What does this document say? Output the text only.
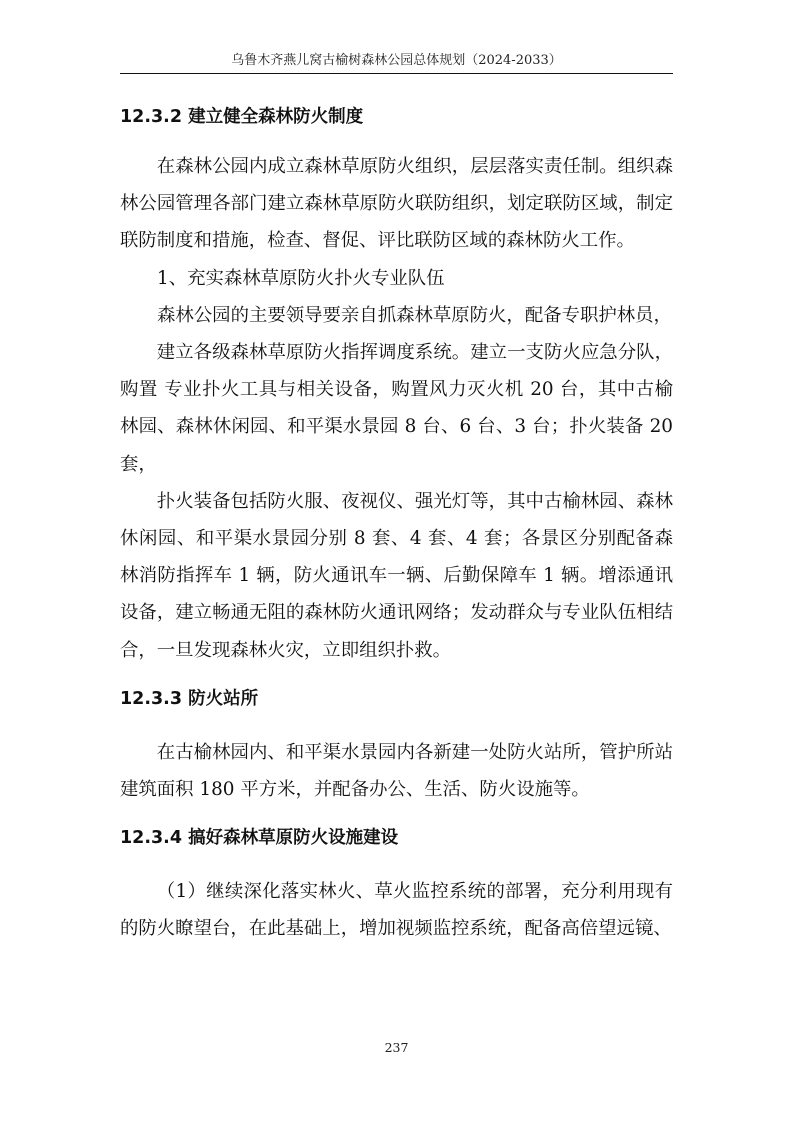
乌鲁木齐燕儿窝古榆树森林公园总体规划（2024-2033）
12.3.2 建立健全森林防火制度

在森林公园内成立森林草原防火组织，层层落实责任制。组织森林公园管理各部门建立森林草原防火联防组织，划定联防区域，制定联防制度和措施，检查、督促、评比联防区域的森林防火工作。

1、充实森林草原防火扑火专业队伍

森林公园的主要领导要亲自抓森林草原防火，配备专职护林员，

建立各级森林草原防火指挥调度系统。建立一支防火应急分队，购置 专业扑火工具与相关设备，购置风力灭火机 20 台，其中古榆林园、森林休闲园、和平渠水景园 8 台、6 台、3 台；扑火装备 20套，

扑火装备包括防火服、夜视仪、强光灯等，其中古榆林园、森林休闲园、和平渠水景园分别 8 套、4 套、4 套；各景区分别配备森林消防指挥车 1 辆，防火通讯车一辆、后勤保障车 1 辆。增添通讯设备，建立畅通无阻的森林防火通讯网络；发动群众与专业队伍相结合，一旦发现森林火灾，立即组织扑救。

12.3.3 防火站所

在古榆林园内、和平渠水景园内各新建一处防火站所，管护所站建筑面积 180 平方米，并配备办公、生活、防火设施等。

12.3.4 搞好森林草原防火设施建设

（1）继续深化落实林火、草火监控系统的部署，充分利用现有的防火瞭望台，在此基础上，增加视频监控系统，配备高倍望远镜、

237
